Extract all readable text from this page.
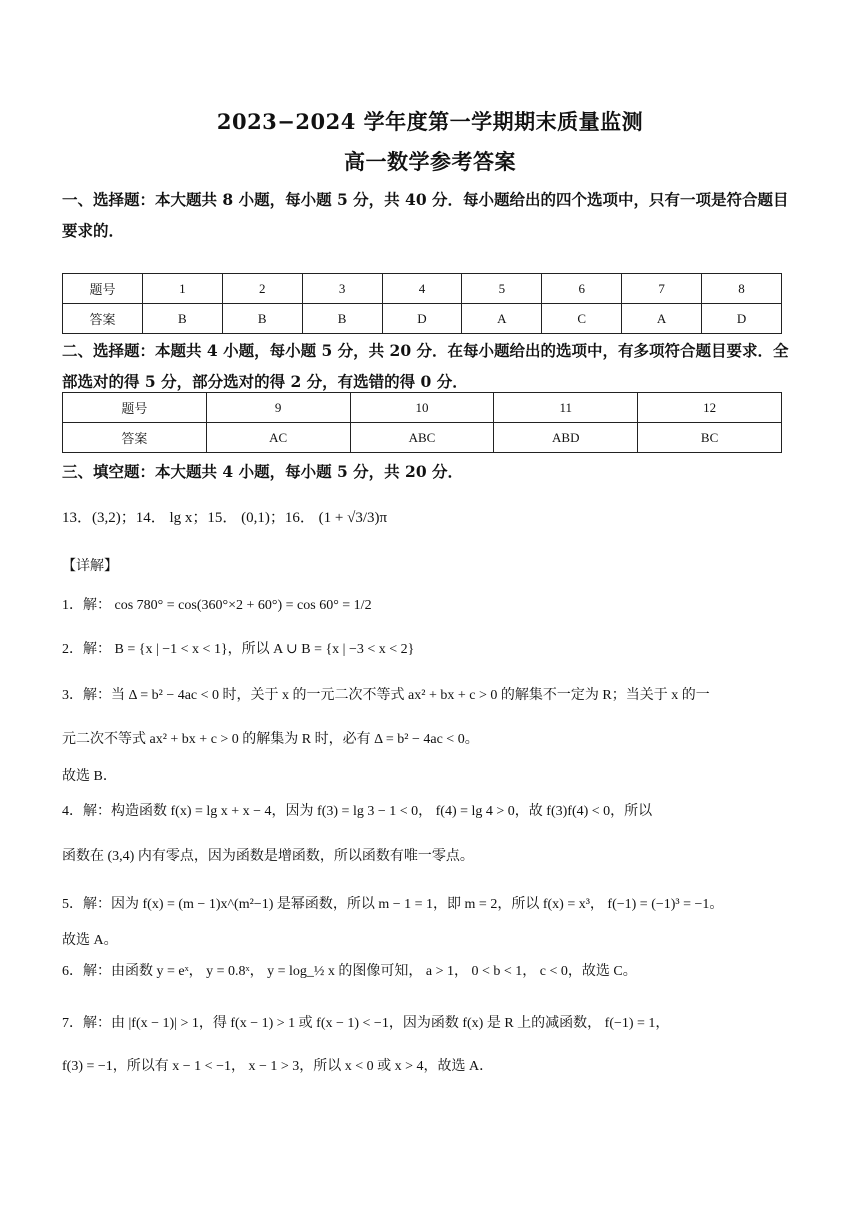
2023−2024 学年度第一学期期末质量监测
高一数学参考答案
一、选择题：本大题共 8 小题，每小题 5 分，共 40 分．每小题给出的四个选项中，只有一项是符合题目要求的．
题号	1	2	3	4	5	6	7	8
答案	B	B	B	D	A	C	A	D
二、选择题：本题共 4 小题，每小题 5 分，共 20 分．在每小题给出的选项中，有多项符合题目要求．全部选对的得 5 分，部分选对的得 2 分，有选错的得 0 分．
题号	9	10	11	12
答案	AC	ABC	ABD	BC
三、填空题：本大题共 4 小题，每小题 5 分，共 20 分．
13．(3,2)；14． lg x；15． (0,1)；16． (1 + √3/3)π
【详解】
1．解： cos 780° = cos(360°×2 + 60°) = cos 60° = 1/2
2．解： B = {x | −1 < x < 1}，所以 A ∪ B = {x | −3 < x < 2}
3．解：当 Δ = b² − 4ac < 0 时，关于 x 的一元二次不等式 ax² + bx + c > 0 的解集不一定为 R；当关于 x 的一
元二次不等式 ax² + bx + c > 0 的解集为 R 时，必有 Δ = b² − 4ac < 0。
故选 B．
4．解：构造函数 f(x) = lg x + x − 4，因为 f(3) = lg 3 − 1 < 0， f(4) = lg 4 > 0，故 f(3)f(4) < 0，所以
函数在 (3,4) 内有零点，因为函数是增函数，所以函数有唯一零点。
5．解：因为 f(x) = (m − 1)x^(m²−1) 是幂函数，所以 m − 1 = 1，即 m = 2，所以 f(x) = x³， f(−1) = (−1)³ = −1。
故选 A。
6．解：由函数 y = eˣ， y = 0.8ˣ， y = log_½ x 的图像可知， a > 1， 0 < b < 1， c < 0，故选 C。
7．解：由 |f(x − 1)| > 1，得 f(x − 1) > 1 或 f(x − 1) < −1，因为函数 f(x) 是 R 上的减函数， f(−1) = 1，
f(3) = −1，所以有 x − 1 < −1， x − 1 > 3，所以 x < 0 或 x > 4，故选 A．
